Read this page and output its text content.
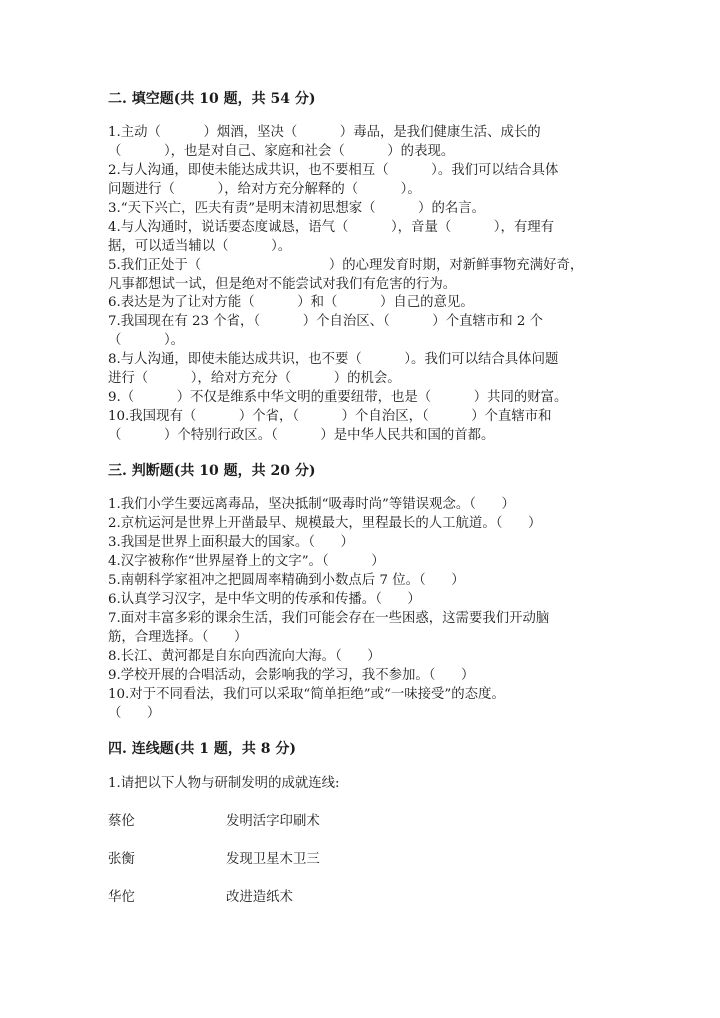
二. 填空题(共 10 题，共 54 分)
1.主动（          ）烟酒，坚决（          ）毒品，是我们健康生活、成长的
（          ），也是对自己、家庭和社会（          ）的表现。
2.与人沟通，即使未能达成共识，也不要相互（          ）。我们可以结合具体
问题进行（          ），给对方充分解释的（          ）。
3.“天下兴亡，匹夫有责”是明末清初思想家（          ）的名言。
4.与人沟通时，说话要态度诚恳，语气（          ），音量（          ），有理有
据，可以适当辅以（          ）。
5.我们正处于（                              ）的心理发育时期，对新鲜事物充满好奇，
凡事都想试一试，但是绝对不能尝试对我们有危害的行为。
6.表达是为了让对方能（          ）和（          ）自己的意见。
7.我国现在有 23 个省，（          ）个自治区、（          ）个直辖市和 2 个
（          ）。
8.与人沟通，即使未能达成共识，也不要（          ）。我们可以结合具体问题
进行（          ），给对方充分（          ）的机会。
9.（          ）不仅是维系中华文明的重要纽带，也是（          ）共同的财富。
10.我国现有（          ）个省，（          ）个自治区，（          ）个直辖市和
（          ）个特别行政区。（          ）是中华人民共和国的首都。
三. 判断题(共 10 题，共 20 分)
1.我们小学生要远离毒品，坚决抵制“吸毒时尚”等错误观念。（      ）
2.京杭运河是世界上开凿最早、规模最大，里程最长的人工航道。（      ）
3.我国是世界上面积最大的国家。（      ）
4.汉字被称作“世界屋脊上的文字”。（          ）
5.南朝科学家祖冲之把圆周率精确到小数点后 7 位。（      ）
6.认真学习汉字，是中华文明的传承和传播。（      ）
7.面对丰富多彩的课余生活，我们可能会存在一些困惑，这需要我们开动脑
筋，合理选择。（      ）
8.长江、黄河都是自东向西流向大海。（      ）
9.学校开展的合唱活动，会影响我的学习，我不参加。（      ）
10.对于不同看法，我们可以采取“简单拒绝”或“一味接受”的态度。
（      ）
四. 连线题(共 1 题，共 8 分)
1.请把以下人物与研制发明的成就连线:
蔡伦	发明活字印刷术
张衡	发现卫星木卫三
华佗	改进造纸术
